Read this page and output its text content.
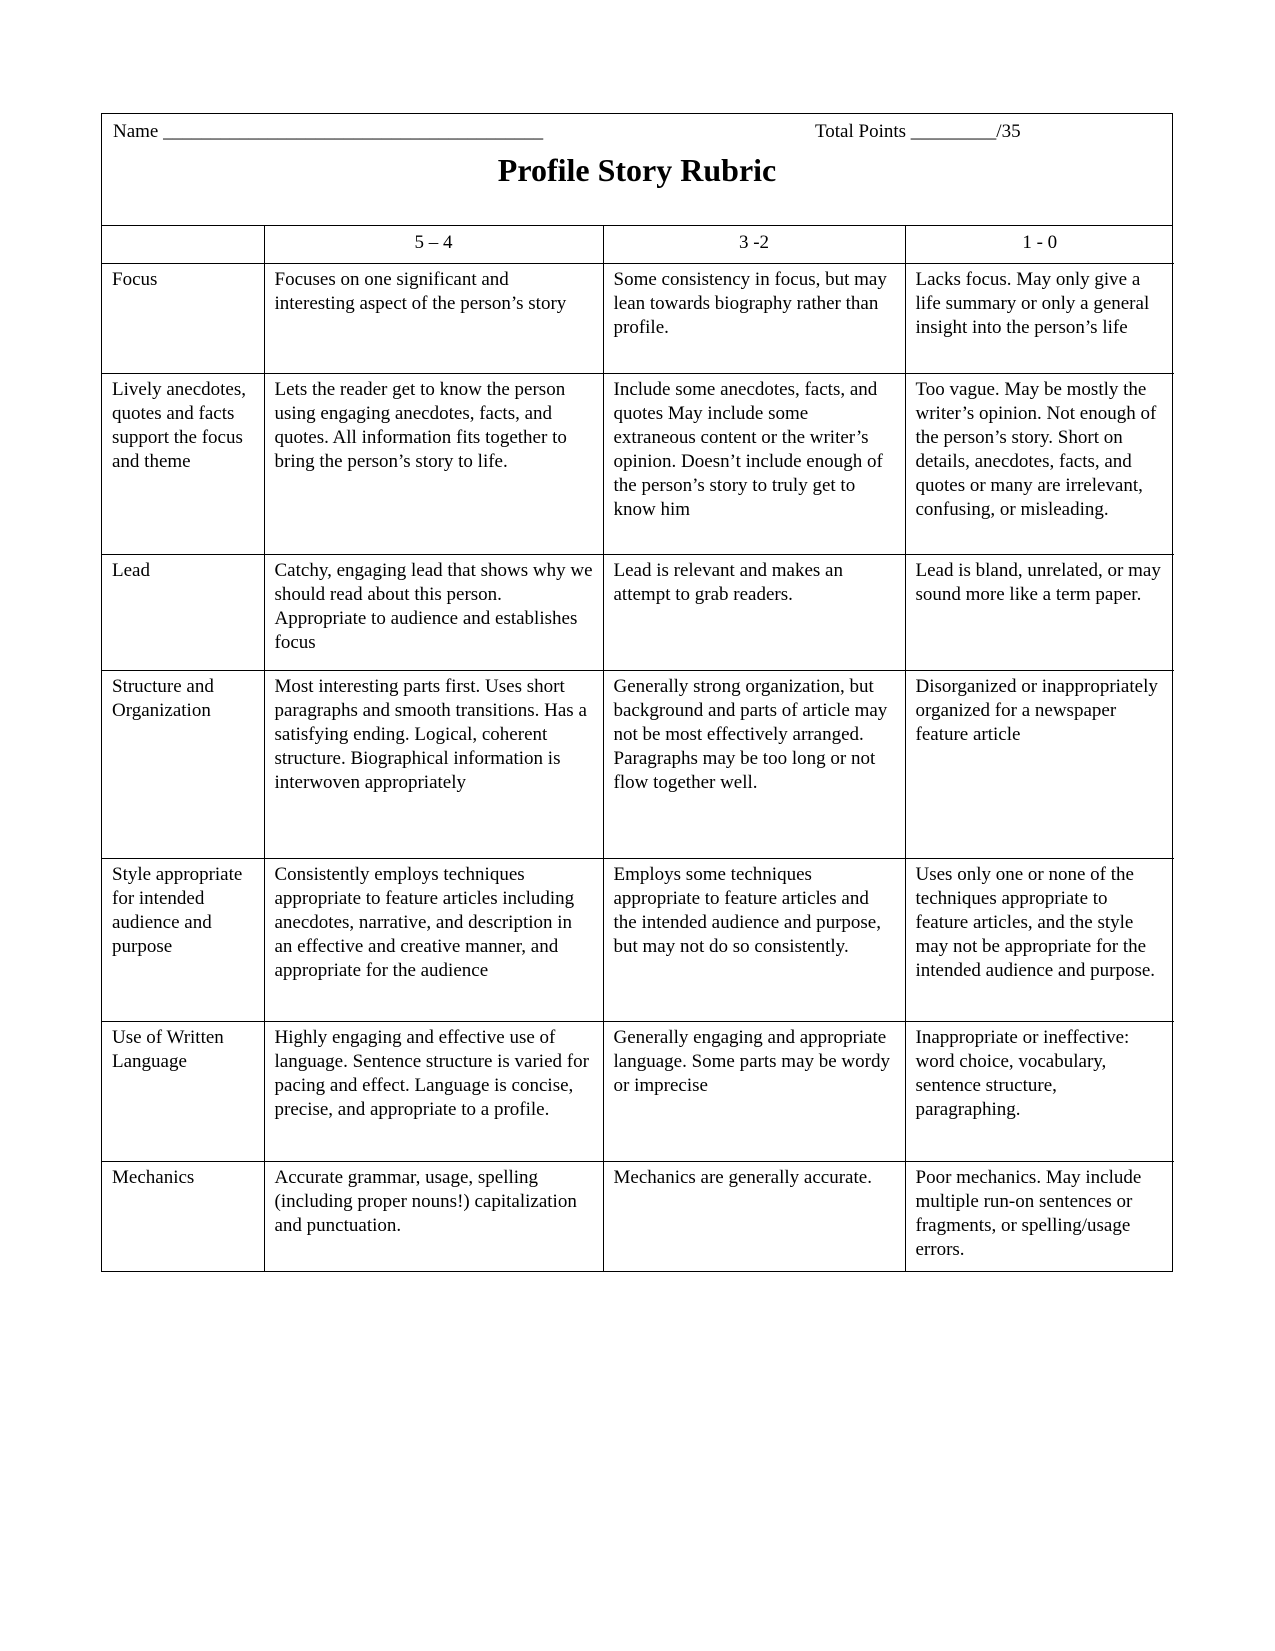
Name ________________________________________	Total Points _________/35
Profile Story Rubric
	5 – 4	3 -2	1 - 0
Focus	Focuses on one significant and interesting aspect of the person’s story	Some consistency in focus, but may lean towards biography rather than profile.	Lacks focus. May only give a life summary or only a general insight into the person’s life
Lively anecdotes, quotes and facts support the focus and theme	Lets the reader get to know the person using engaging anecdotes, facts, and quotes. All information fits together to bring the person’s story to life.	Include some anecdotes, facts, and quotes May include some extraneous content or the writer’s opinion. Doesn’t include enough of the person’s story to truly get to know him	Too vague. May be mostly the writer’s opinion. Not enough of the person’s story. Short on details, anecdotes, facts, and quotes or many are irrelevant, confusing, or misleading.
Lead	Catchy, engaging lead that shows why we should read about this person. Appropriate to audience and establishes focus	Lead is relevant and makes an attempt to grab readers.	Lead is bland, unrelated, or may sound more like a term paper.
Structure and Organization	Most interesting parts first. Uses short paragraphs and smooth transitions. Has a satisfying ending. Logical, coherent structure. Biographical information is interwoven appropriately	Generally strong organization, but background and parts of article may not be most effectively arranged. Paragraphs may be too long or not flow together well.	Disorganized or inappropriately organized for a newspaper feature article
Style appropriate for intended audience and purpose	Consistently employs techniques appropriate to feature articles including anecdotes, narrative, and description in an effective and creative manner, and appropriate for the audience	Employs some techniques appropriate to feature articles and the intended audience and purpose, but may not do so consistently.	Uses only one or none of the techniques appropriate to feature articles, and the style may not be appropriate for the intended audience and purpose.
Use of Written Language	Highly engaging and effective use of language. Sentence structure is varied for pacing and effect. Language is concise, precise, and appropriate to a profile.	Generally engaging and appropriate language. Some parts may be wordy or imprecise	Inappropriate or ineffective: word choice, vocabulary, sentence structure, paragraphing.
Mechanics	Accurate grammar, usage, spelling (including proper nouns!) capitalization and punctuation.	Mechanics are generally accurate.	Poor mechanics. May include multiple run-on sentences or fragments, or spelling/usage errors.
